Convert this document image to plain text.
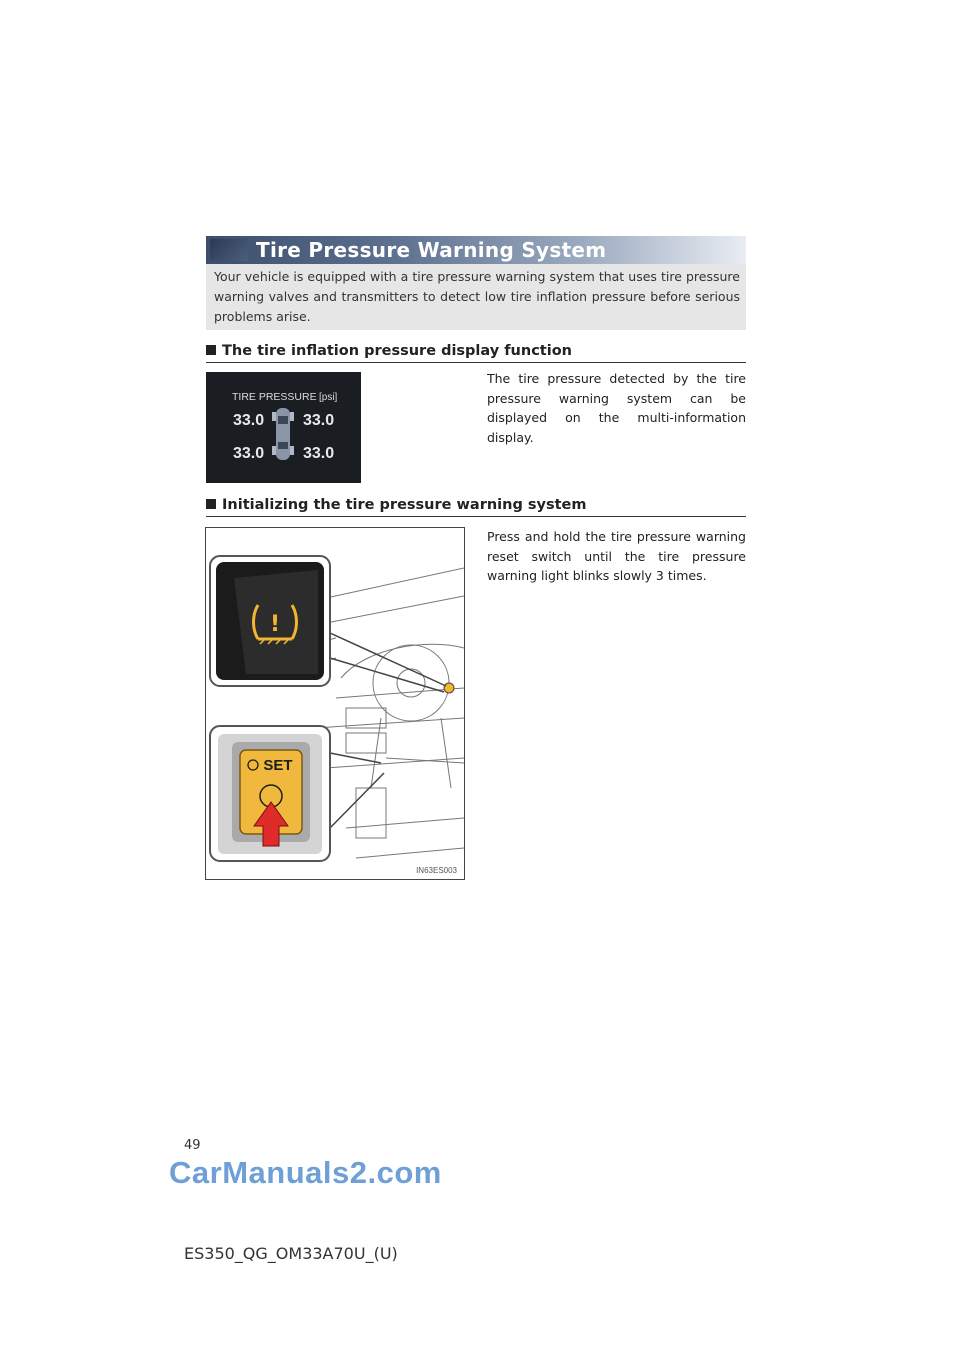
Tire Pressure Warning System
Your vehicle is equipped with a tire pressure warning system that uses tire pressure warning valves and transmitters to detect low tire inflation pressure before serious problems arise.
The tire inflation pressure display function
TIRE PRESSURE [psi]
33.0 33.0
33.0 33.0
The tire pressure detected by the tire pressure warning system can be displayed on the multi-information display.
Initializing the tire pressure warning system
!
SET
IN63ES003
Press and hold the tire pressure warning reset switch until the tire pressure warning light blinks slowly 3 times.
49
CarManuals2.com
ES350_QG_OM33A70U_(U)
